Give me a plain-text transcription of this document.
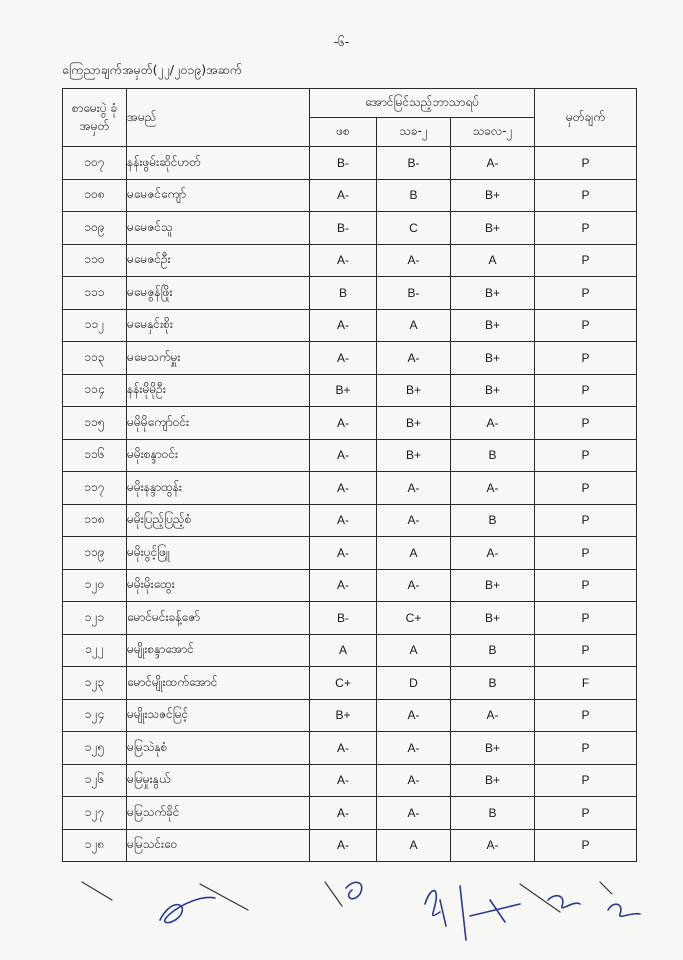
-၆-
ကြေညာချက်အမှတ်(၂၂/၂၀၁၉)အဆက်
စာမေးပွဲ ခုံအမှတ်	အမည်	အောင်မြင်သည့်ဘာသာရပ်			မှတ်ချက်
		ဖစ	သခ-၂	သခလ-၂	
၁၀၇	နန်းဖွမ်းဆိုင်ဟတ်	B-	B-	A-	P
၁၀၈	မမေဇင်ကျော်	A-	B	B+	P
၁၀၉	မမေဇင်သူ	B-	C	B+	P
၁၁၀	မမေဇင်ဦး	A-	A-	A	P
၁၁၁	မမေဇွန်ဖြိုး	B	B-	B+	P
၁၁၂	မမေနှင်းစိုး	A-	A	B+	P
၁၁၃	မမေသက်မှူး	A-	A-	B+	P
၁၁၄	နန်းမိုမိုဦး	B+	B+	B+	P
၁၁၅	မမိုမိုကျော်ဝင်း	A-	B+	A-	P
၁၁၆	မမိုးစန္ဒာဝင်း	A-	B+	B	P
၁၁၇	မမိုးနန္ဒာထွန်း	A-	A-	A-	P
၁၁၈	မမိုးပြည့်ပြည့်စံ	A-	A-	B	P
၁၁၉	မမိုးပွင့်ဖြူ	A-	A	A-	P
၁၂၀	မမိုးမိုးထွေး	A-	A-	B+	P
၁၂၁	မောင်မင်းခန့်ဇော်	B-	C+	B+	P
၁၂၂	မမျိုးစန္ဒာအောင်	A	A	B	P
၁၂၃	မောင်မျိုးထက်အောင်	C+	D	B	F
၁၂၄	မမျိုးသဇင်မြင့်	B+	A-	A-	P
၁၂၅	မမြသဲနုစံ	A-	A-	B+	P
၁၂၆	မမြမှုးနွယ်	A-	A-	B+	P
၁၂၇	မမြသက်ခိုင်	A-	A-	B	P
၁၂၈	မမြသင်းဝေ	A-	A	A-	P
